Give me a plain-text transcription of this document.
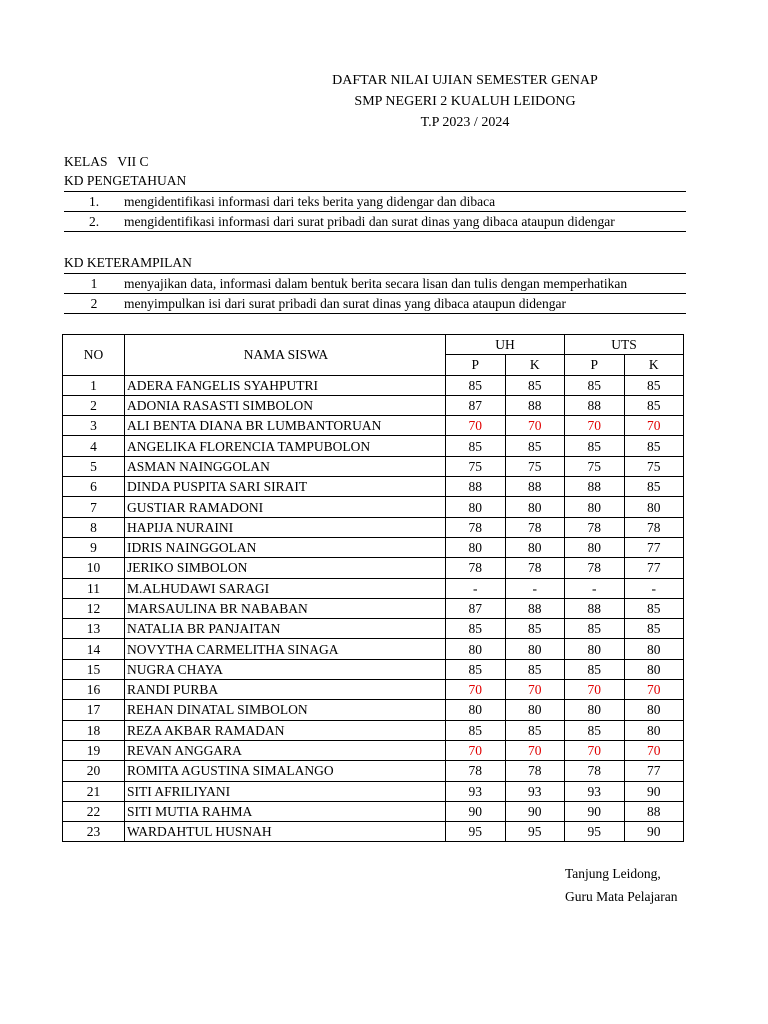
DAFTAR NILAI UJIAN SEMESTER GENAP
SMP NEGERI 2 KUALUH LEIDONG
T.P 2023 / 2024
KELAS   VII C
KD PENGETAHUAN
1.	mengidentifikasi informasi dari teks berita yang didengar dan dibaca
2.	mengidentifikasi informasi dari surat pribadi dan surat dinas yang dibaca ataupun didengar
KD KETERAMPILAN
1	menyajikan data, informasi dalam bentuk berita secara lisan dan tulis dengan memperhatikan
2	menyimpulkan isi dari surat pribadi dan surat dinas yang dibaca ataupun didengar
NO	NAMA SISWA	UH		UTS	
		P	K	P	K
1	ADERA FANGELIS SYAHPUTRI	85	85	85	85
2	ADONIA RASASTI SIMBOLON	87	88	88	85
3	ALI BENTA DIANA BR LUMBANTORUAN	70	70	70	70
4	ANGELIKA FLORENCIA TAMPUBOLON	85	85	85	85
5	ASMAN NAINGGOLAN	75	75	75	75
6	DINDA PUSPITA SARI SIRAIT	88	88	88	85
7	GUSTIAR RAMADONI	80	80	80	80
8	HAPIJA NURAINI	78	78	78	78
9	IDRIS NAINGGOLAN	80	80	80	77
10	JERIKO SIMBOLON	78	78	78	77
11	M.ALHUDAWI SARAGI	-	-	-	-
12	MARSAULINA BR NABABAN	87	88	88	85
13	NATALIA BR PANJAITAN	85	85	85	85
14	NOVYTHA CARMELITHA SINAGA	80	80	80	80
15	NUGRA CHAYA	85	85	85	80
16	RANDI PURBA	70	70	70	70
17	REHAN DINATAL SIMBOLON	80	80	80	80
18	REZA AKBAR RAMADAN	85	85	85	80
19	REVAN ANGGARA	70	70	70	70
20	ROMITA AGUSTINA SIMALANGO	78	78	78	77
21	SITI AFRILIYANI	93	93	93	90
22	SITI MUTIA RAHMA	90	90	90	88
23	WARDAHTUL HUSNAH	95	95	95	90
Tanjung Leidong,
Guru Mata Pelajaran
